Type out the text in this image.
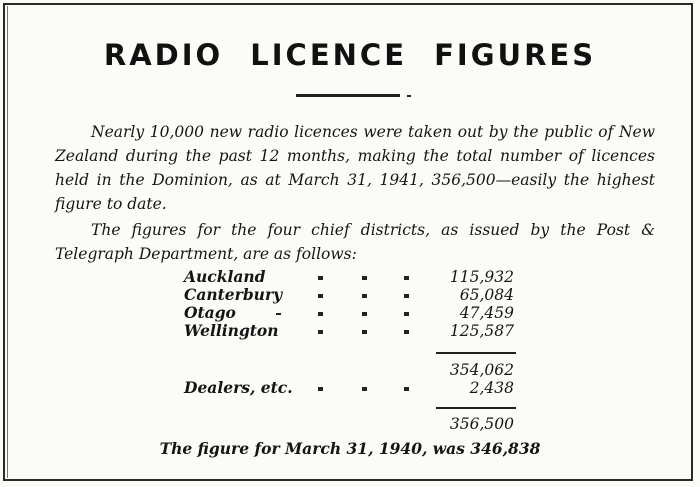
RADIO LICENCE FIGURES
Nearly 10,000 new radio licences were taken out by the public of New Zealand during the past 12 months, making the total number of licences held in the Dominion, as at March 31, 1941, 356,500—easily the highest figure to date.
The figures for the four chief districts, as issued by the Post & Telegraph Department, are as follows:
Auckland	115,932
Canterbury	65,084
Otago	47,459
Wellington	125,587
354,062
Dealers, etc.	2,438
356,500
The figure for March 31, 1940, was 346,838
